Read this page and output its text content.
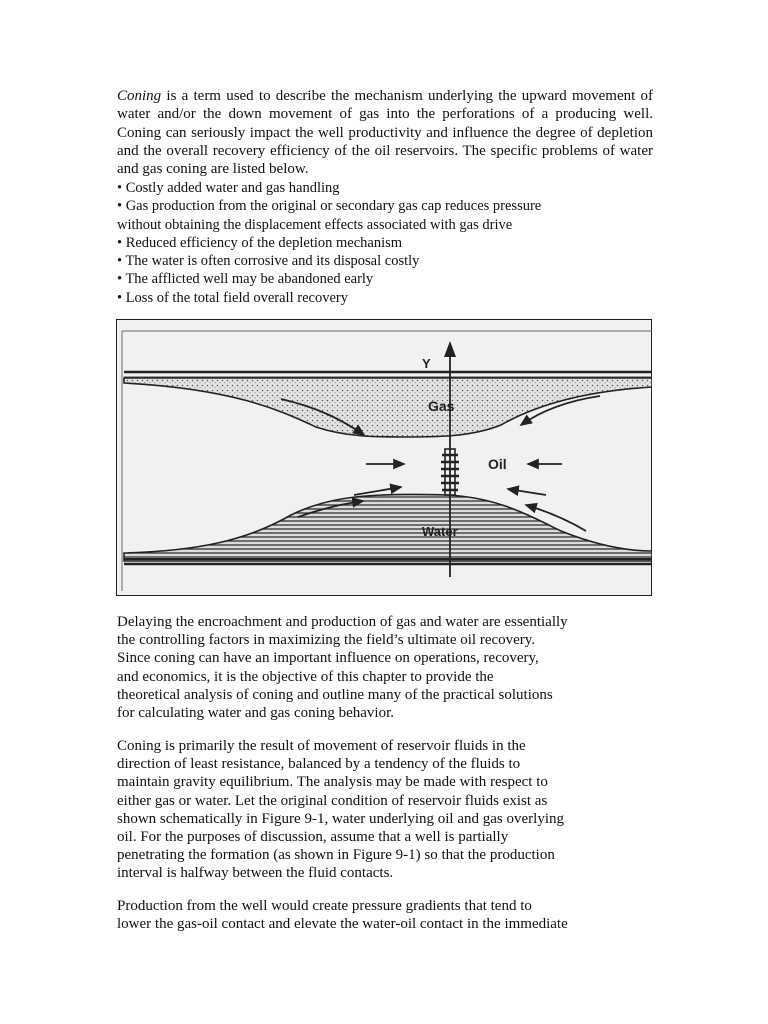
Coning is a term used to describe the mechanism underlying the upward movement of water and/or the down movement of gas into the perforations of a producing well. Coning can seriously impact the well productivity and influence the degree of depletion and the overall recovery efficiency of the oil reservoirs. The specific problems of water and gas coning are listed below.

• Costly added water and gas handling
• Gas production from the original or secondary gas cap reduces pressure
without obtaining the displacement effects associated with gas drive
• Reduced efficiency of the depletion mechanism
• The water is often corrosive and its disposal costly
• The afflicted well may be abandoned early
• Loss of the total field overall recovery
Y
Gas
Oil
Water

Delaying the encroachment and production of gas and water are essentially
the controlling factors in maximizing the field’s ultimate oil recovery.
Since coning can have an important influence on operations, recovery,
and economics, it is the objective of this chapter to provide the
theoretical analysis of coning and outline many of the practical solutions
for calculating water and gas coning behavior.

Coning is primarily the result of movement of reservoir fluids in the
direction of least resistance, balanced by a tendency of the fluids to
maintain gravity equilibrium. The analysis may be made with respect to
either gas or water. Let the original condition of reservoir fluids exist as
shown schematically in Figure 9-1, water underlying oil and gas overlying
oil. For the purposes of discussion, assume that a well is partially
penetrating the formation (as shown in Figure 9-1) so that the production
interval is halfway between the fluid contacts.

Production from the well would create pressure gradients that tend to
lower the gas-oil contact and elevate the water-oil contact in the immediate
